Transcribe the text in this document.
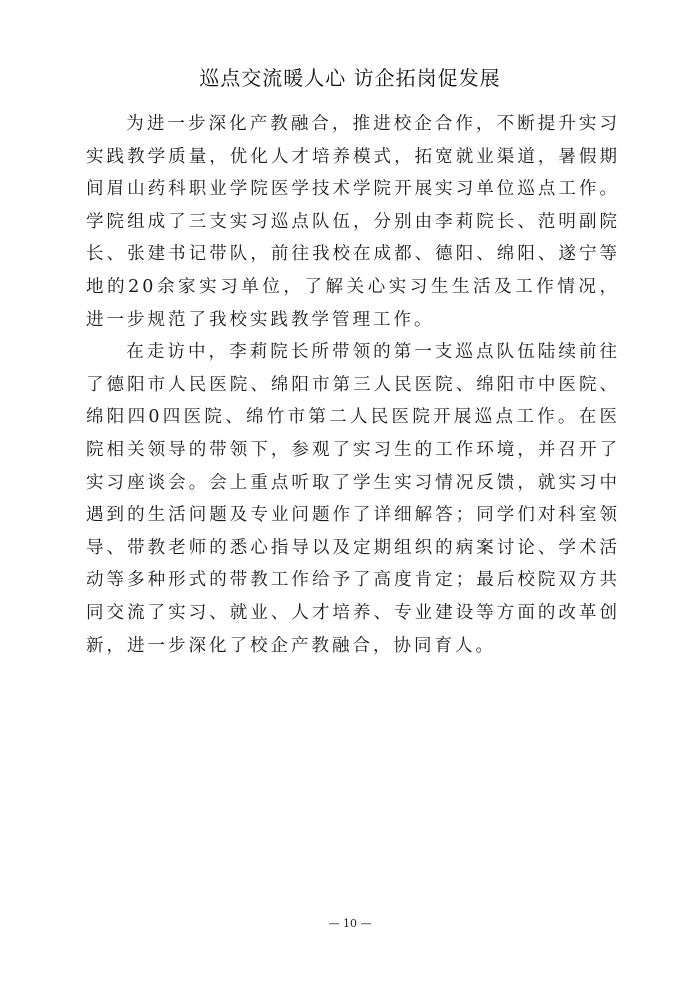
巡点交流暖人心 访企拓岗促发展

为进一步深化产教融合，推进校企合作，不断提升实习实践教学质量，优化人才培养模式，拓宽就业渠道，暑假期间眉山药科职业学院医学技术学院开展实习单位巡点工作。学院组成了三支实习巡点队伍，分别由李莉院长、范明副院长、张建书记带队，前往我校在成都、德阳、绵阳、遂宁等地的20余家实习单位，了解关心实习生生活及工作情况，进一步规范了我校实践教学管理工作。

在走访中，李莉院长所带领的第一支巡点队伍陆续前往了德阳市人民医院、绵阳市第三人民医院、绵阳市中医院、绵阳四0四医院、绵竹市第二人民医院开展巡点工作。在医院相关领导的带领下，参观了实习生的工作环境，并召开了实习座谈会。会上重点听取了学生实习情况反馈，就实习中遇到的生活问题及专业问题作了详细解答；同学们对科室领导、带教老师的悉心指导以及定期组织的病案讨论、学术活动等多种形式的带教工作给予了高度肯定；最后校院双方共同交流了实习、就业、人才培养、专业建设等方面的改革创新，进一步深化了校企产教融合，协同育人。

— 10 —
